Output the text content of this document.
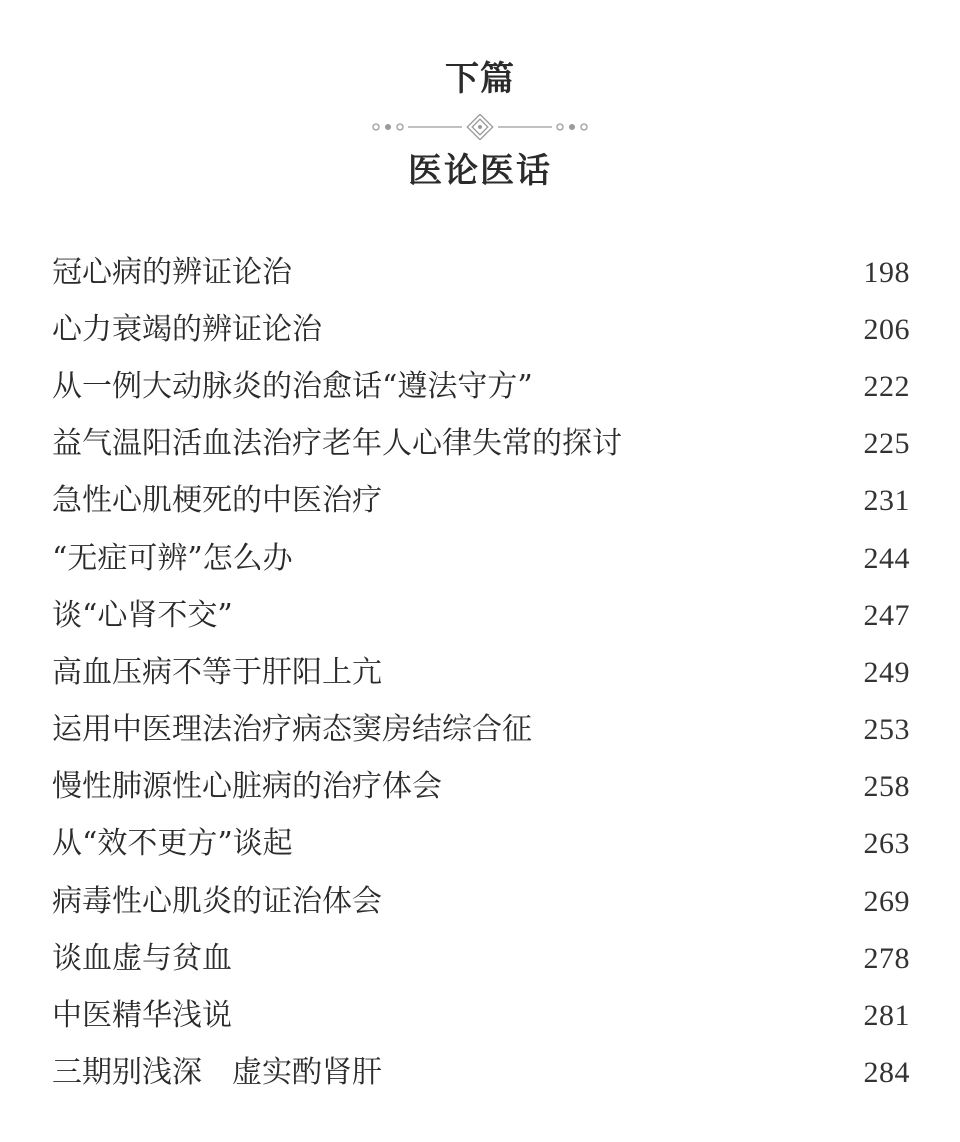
下篇
医论医话
冠心病的辨证论治	198
心力衰竭的辨证论治	206
从一例大动脉炎的治愈话“遵法守方”	222
益气温阳活血法治疗老年人心律失常的探讨	225
急性心肌梗死的中医治疗	231
“无症可辨”怎么办	244
谈“心肾不交”	247
高血压病不等于肝阳上亢	249
运用中医理法治疗病态窦房结综合征	253
慢性肺源性心脏病的治疗体会	258
从“效不更方”谈起	263
病毒性心肌炎的证治体会	269
谈血虚与贫血	278
中医精华浅说	281
三期别浅深　虚实酌肾肝	284
